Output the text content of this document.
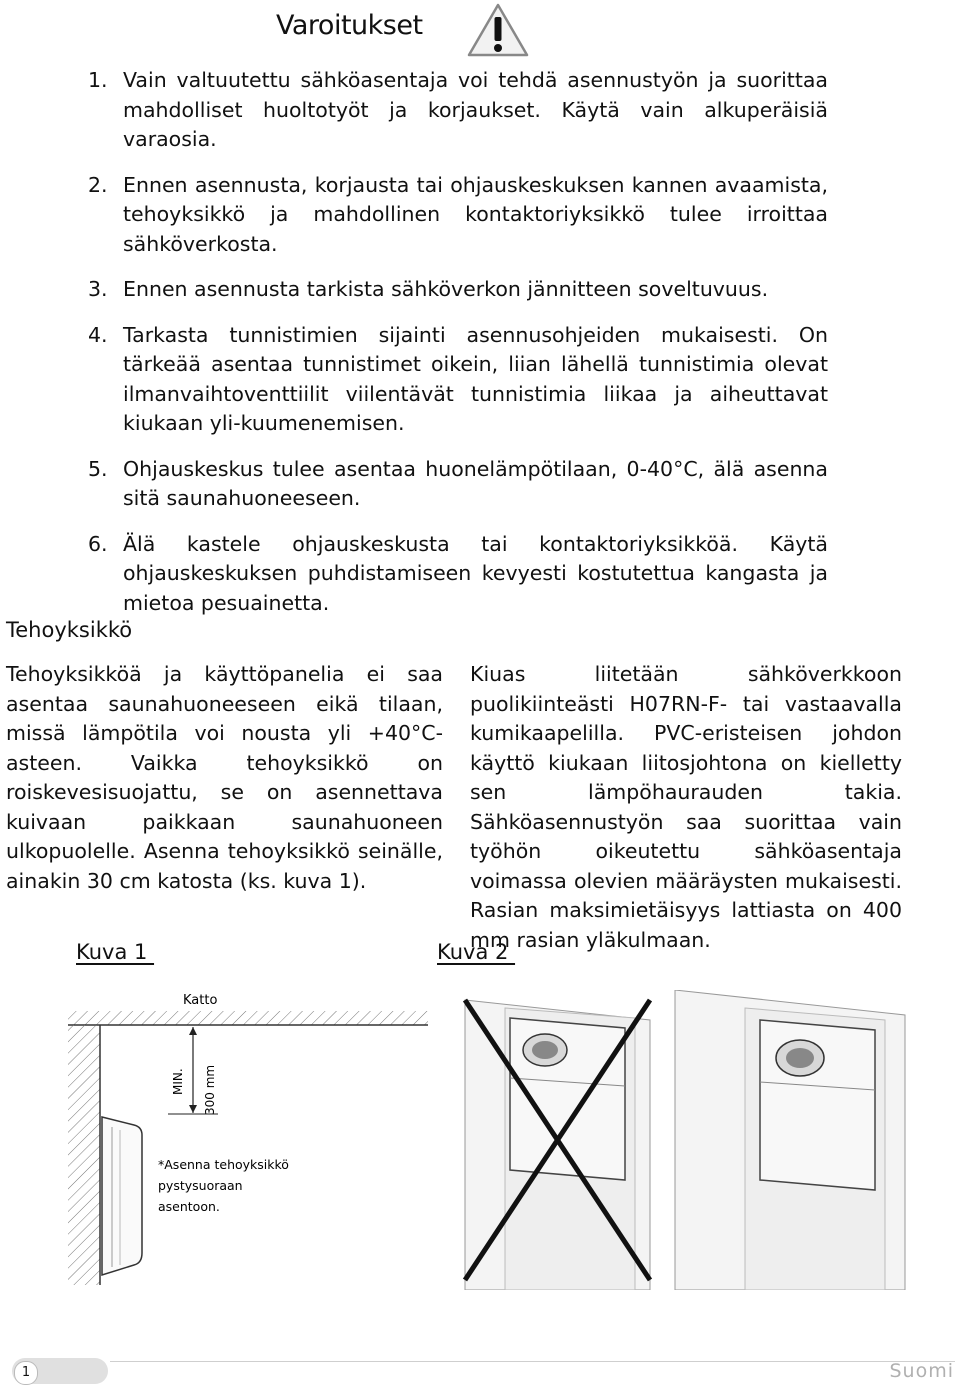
Varoitukset
1. Vain valtuutettu sähköasentaja voi tehdä asennustyön ja suorittaa mahdolliset huoltotyöt ja korjaukset. Käytä vain alkuperäisiä varaosia.
2. Ennen asennusta, korjausta tai ohjauskeskuksen kannen avaamista, tehoyksikkö ja mahdollinen kontaktoriyksikkö tulee irroittaa sähköverkosta.
3. Ennen asennusta tarkista sähköverkon jännitteen soveltuvuus.
4. Tarkasta tunnistimien sijainti asennusohjeiden mukaisesti. On tärkeää asentaa tunnistimet oikein, liian lähellä tunnistimia olevat ilmanvaihtoventtiilit viilentävät tunnistimia liikaa ja aiheuttavat kiukaan yli-kuumenemisen.
5. Ohjauskeskus tulee asentaa huonelämpötilaan, 0-40°C, älä asenna sitä saunahuoneeseen.
6. Älä kastele ohjauskeskusta tai kontaktoriyksikköä. Käytä ohjauskeskuksen puhdistamiseen kevyesti kostutettua kangasta ja mietoa pesuainetta.
Tehoyksikkö
Tehoyksikköä ja käyttöpanelia ei saa asentaa saunahuoneeseen eikä tilaan, missä lämpötila voi nousta yli +40°C-asteen. Vaikka tehoyksikkö on roiskevesisuojattu, se on asennettava kuivaan paikkaan saunahuoneen ulkopuolelle. Asenna tehoyksikkö seinälle, ainakin 30 cm katosta (ks. kuva 1).
Kiuas liitetään sähköverkkoon puolikiinteästi H07RN-F- tai vastaavalla kumikaapelilla. PVC-eristeisen johdon käyttö kiukaan liitosjohtona on kielletty sen lämpöhaurauden takia. Sähköasennustyön saa suorittaa vain työhön oikeutettu sähköasentaja voimassa olevien määräysten mukaisesti. Rasian maksimietäisyys lattiasta on 400 mm rasian yläkulmaan.
Kuva 1	Kuva 2
MIN. 300 mm
Katto
*Asenna tehoyksikkö
pystysuoraan
asentoon.
1	Suomi
